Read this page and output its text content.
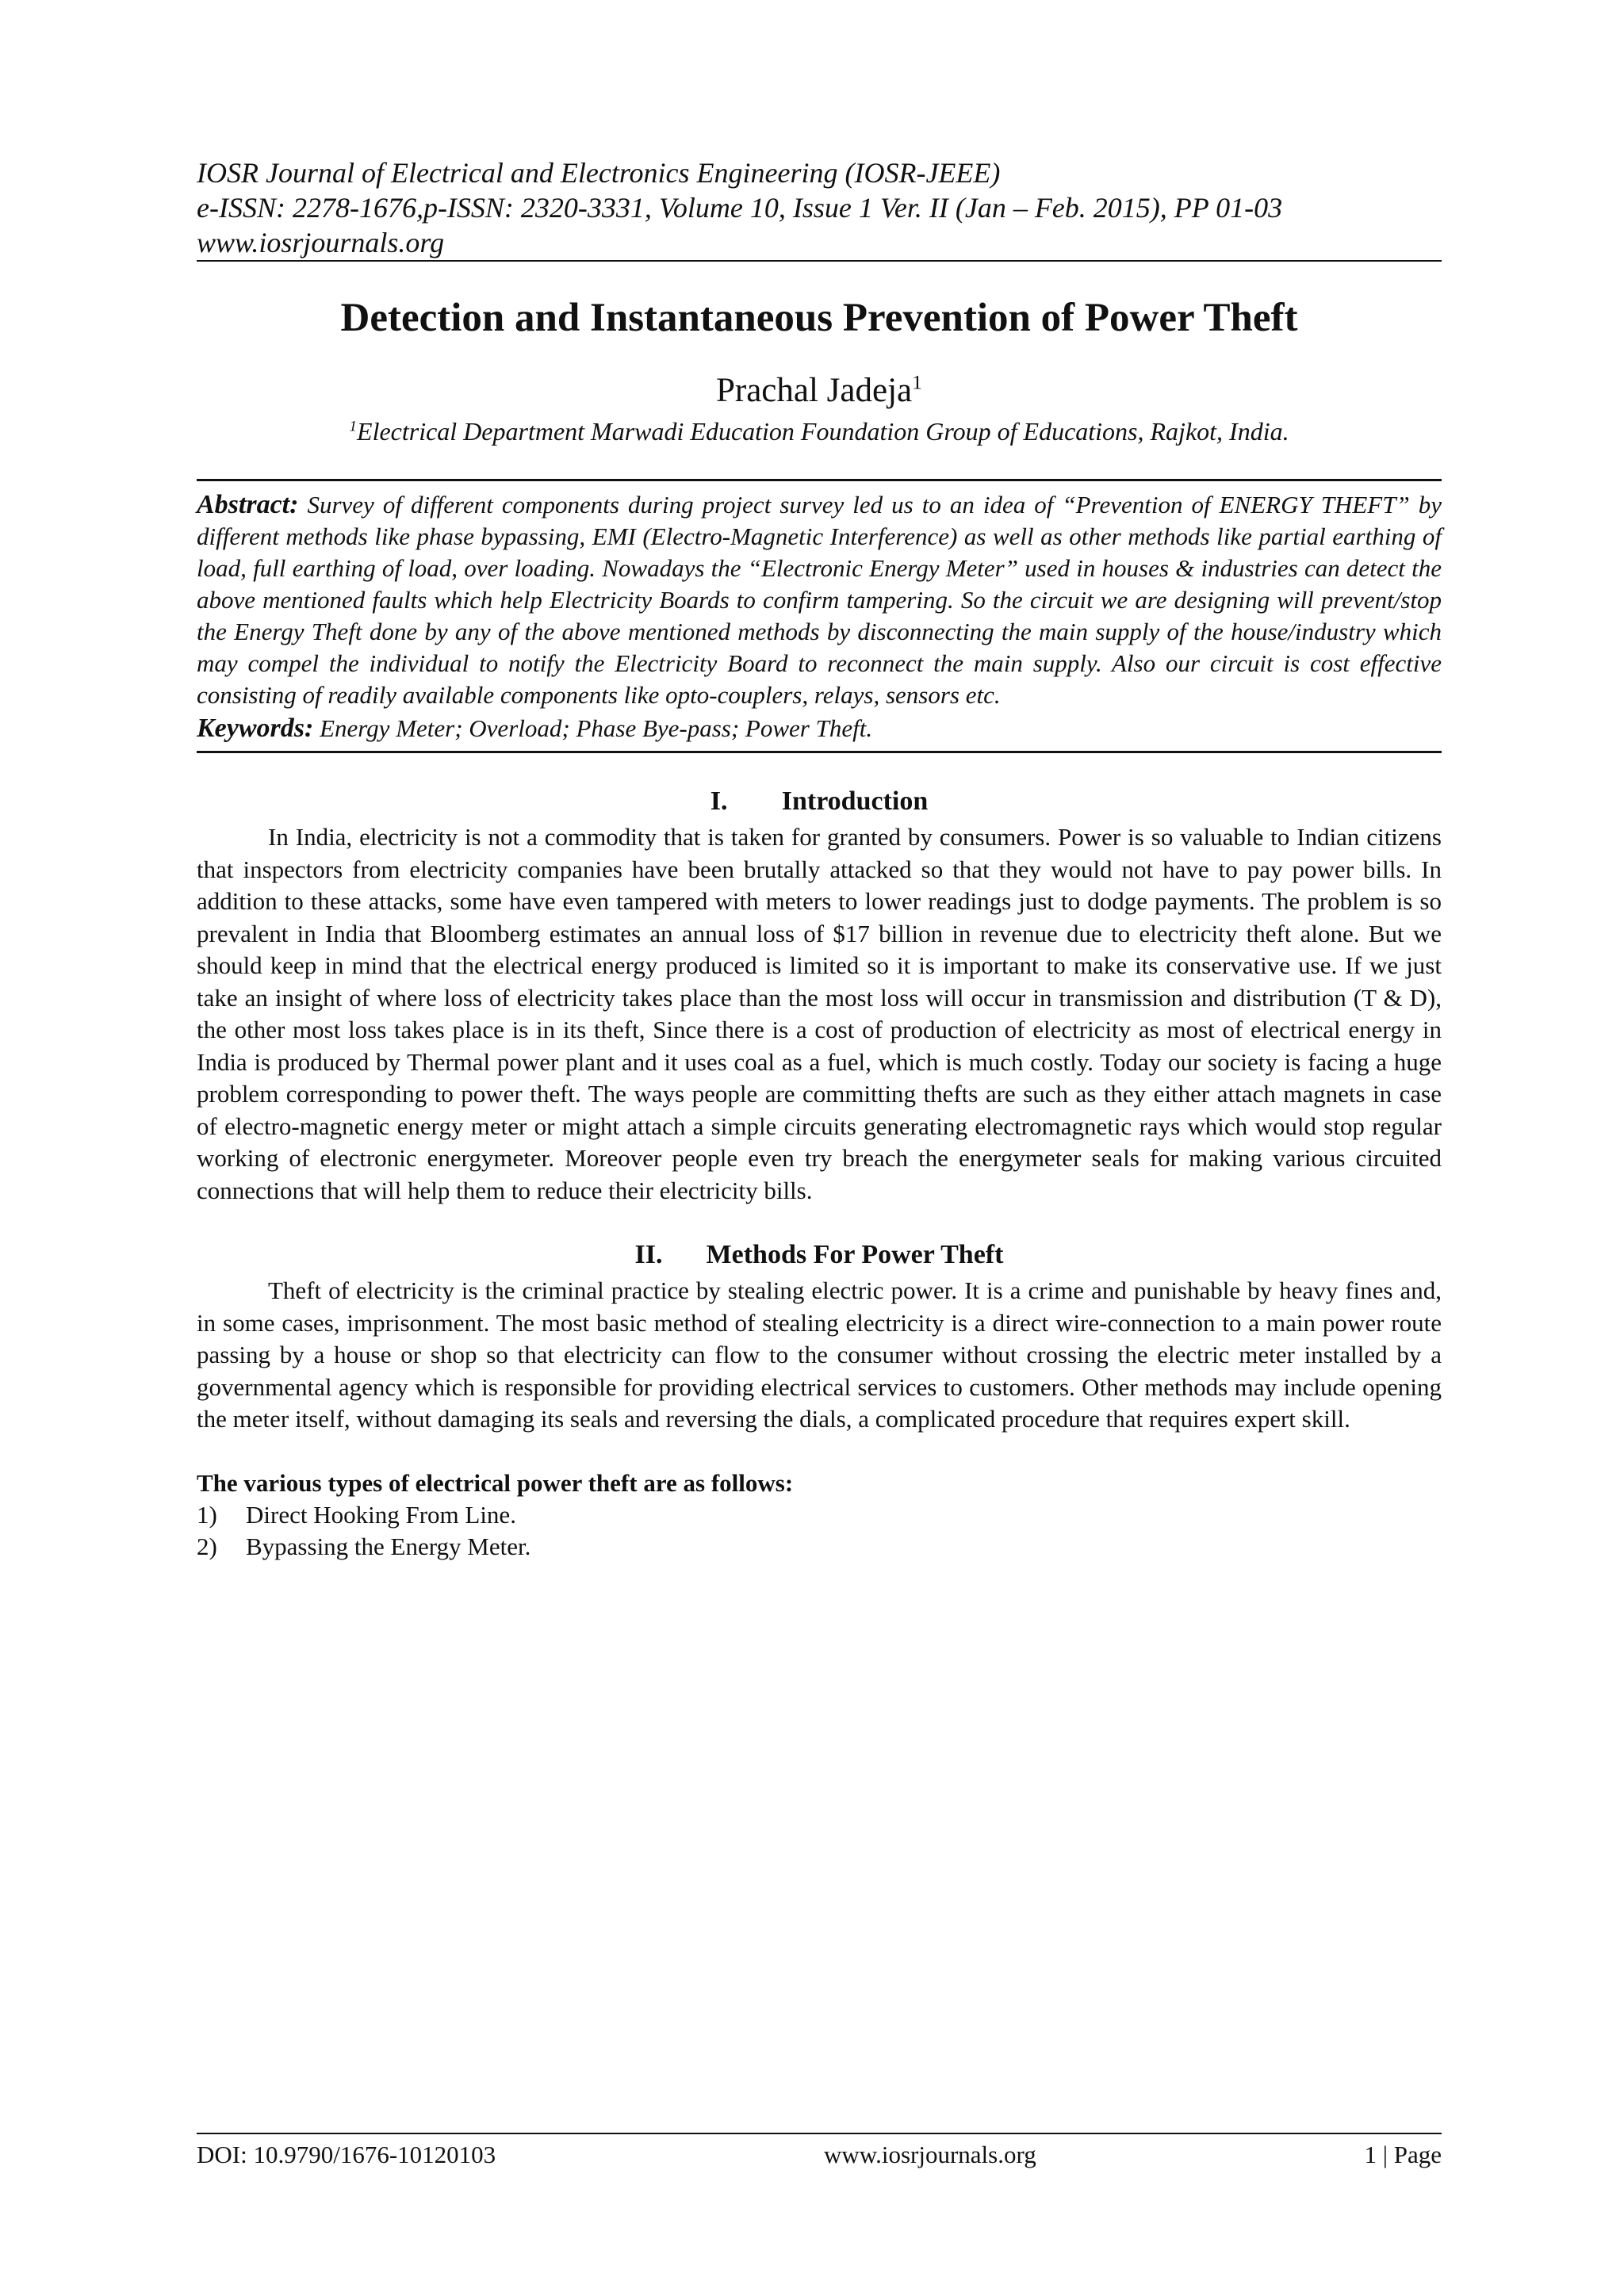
IOSR Journal of Electrical and Electronics Engineering (IOSR-JEEE)
e-ISSN: 2278-1676,p-ISSN: 2320-3331, Volume 10, Issue 1 Ver. II (Jan – Feb. 2015), PP 01-03
www.iosrjournals.org
Detection and Instantaneous Prevention of Power Theft
Prachal Jadeja$^1$
$^1$Electrical Department Marwadi Education Foundation Group of Educations, Rajkot, India.
Abstract: Survey of different components during project survey led us to an idea of “Prevention of ENERGY THEFT” by different methods like phase bypassing, EMI (Electro-Magnetic Interference) as well as other methods like partial earthing of load, full earthing of load, over loading. Nowadays the “Electronic Energy Meter” used in houses & industries can detect the above mentioned faults which help Electricity Boards to confirm tampering. So the circuit we are designing will prevent/stop the Energy Theft done by any of the above mentioned methods by disconnecting the main supply of the house/industry which may compel the individual to notify the Electricity Board to reconnect the main supply. Also our circuit is cost effective consisting of readily available components like opto-couplers, relays, sensors etc.
Keywords: Energy Meter; Overload; Phase Bye-pass; Power Theft.
I. Introduction
In India, electricity is not a commodity that is taken for granted by consumers. Power is so valuable to Indian citizens that inspectors from electricity companies have been brutally attacked so that they would not have to pay power bills. In addition to these attacks, some have even tampered with meters to lower readings just to dodge payments. The problem is so prevalent in India that Bloomberg estimates an annual loss of $17 billion in revenue due to electricity theft alone. But we should keep in mind that the electrical energy produced is limited so it is important to make its conservative use. If we just take an insight of where loss of electricity takes place than the most loss will occur in transmission and distribution (T & D), the other most loss takes place is in its theft, Since there is a cost of production of electricity as most of electrical energy in India is produced by Thermal power plant and it uses coal as a fuel, which is much costly. Today our society is facing a huge problem corresponding to power theft. The ways people are committing thefts are such as they either attach magnets in case of electro-magnetic energy meter or might attach a simple circuits generating electromagnetic rays which would stop regular working of electronic energymeter. Moreover people even try breach the energymeter seals for making various circuited connections that will help them to reduce their electricity bills.
II. Methods For Power Theft
Theft of electricity is the criminal practice by stealing electric power. It is a crime and punishable by heavy fines and, in some cases, imprisonment. The most basic method of stealing electricity is a direct wire-connection to a main power route passing by a house or shop so that electricity can flow to the consumer without crossing the electric meter installed by a governmental agency which is responsible for providing electrical services to customers. Other methods may include opening the meter itself, without damaging its seals and reversing the dials, a complicated procedure that requires expert skill.
The various types of electrical power theft are as follows:
1) Direct Hooking From Line.
2) Bypassing the Energy Meter.
DOI: 10.9790/1676-10120103	www.iosrjournals.org	1 | Page
